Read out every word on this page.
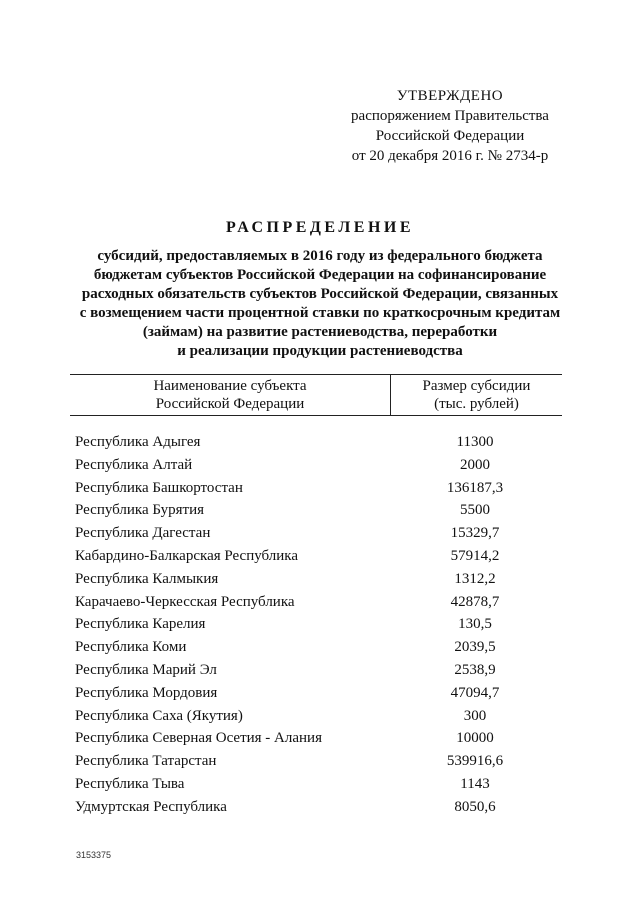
УТВЕРЖДЕНО
распоряжением Правительства
Российской Федерации
от 20 декабря 2016 г. № 2734-р
РАСПРЕДЕЛЕНИЕ
субсидий, предоставляемых в 2016 году из федерального бюджета
бюджетам субъектов Российской Федерации на софинансирование
расходных обязательств субъектов Российской Федерации, связанных
с возмещением части процентной ставки по краткосрочным кредитам
(займам) на развитие растениеводства, переработки
и реализации продукции растениеводства
Наименование субъекта
Российской Федерации
Размер субсидии
(тыс. рублей)
Республика Адыгея	11300
Республика Алтай	2000
Республика Башкортостан	136187,3
Республика Бурятия	5500
Республика Дагестан	15329,7
Кабардино-Балкарская Республика	57914,2
Республика Калмыкия	1312,2
Карачаево-Черкесская Республика	42878,7
Республика Карелия	130,5
Республика Коми	2039,5
Республика Марий Эл	2538,9
Республика Мордовия	47094,7
Республика Саха (Якутия)	300
Республика Северная Осетия - Алания	10000
Республика Татарстан	539916,6
Республика Тыва	1143
Удмуртская Республика	8050,6
3153375
